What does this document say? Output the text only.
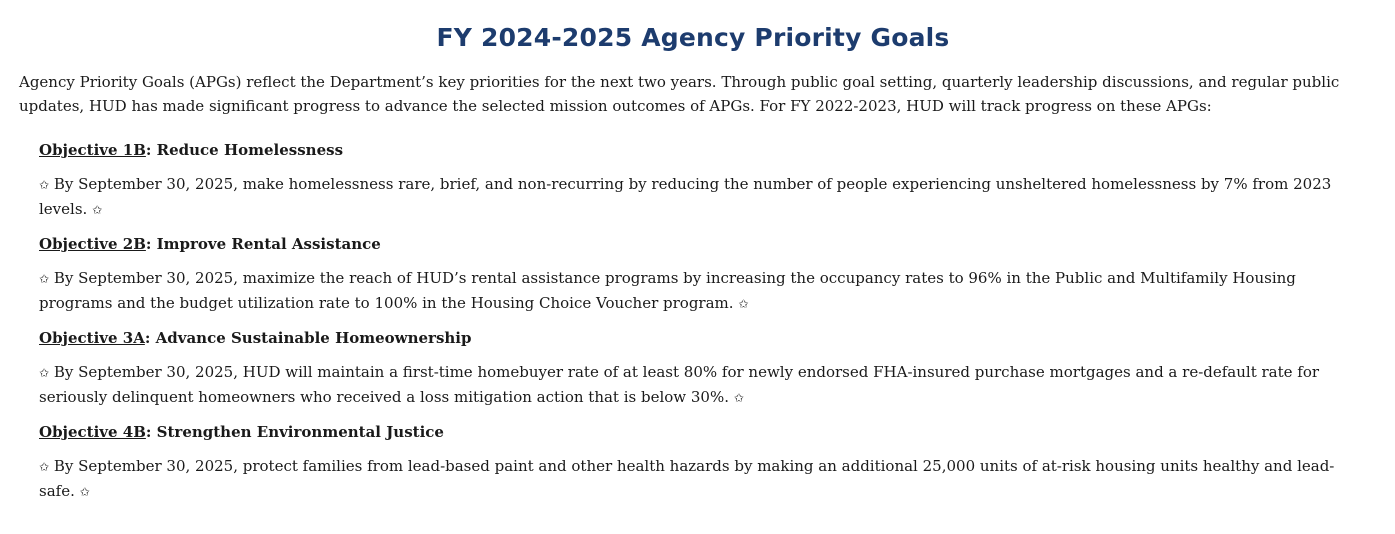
FY 2024-2025 Agency Priority Goals

Agency Priority Goals (APGs) reflect the Department’s key priorities for the next two years. Through public goal setting, quarterly leadership discussions, and regular public updates, HUD has made significant progress to advance the selected mission outcomes of APGs. For FY 2022-2023, HUD will track progress on these APGs:

Objective 1B: Reduce Homelessness

✩ By September 30, 2025, make homelessness rare, brief, and non-recurring by reducing the number of people experiencing unsheltered homelessness by 7% from 2023 levels. ✩

Objective 2B: Improve Rental Assistance

✩ By September 30, 2025, maximize the reach of HUD’s rental assistance programs by increasing the occupancy rates to 96% in the Public and Multifamily Housing programs and the budget utilization rate to 100% in the Housing Choice Voucher program. ✩

Objective 3A: Advance Sustainable Homeownership

✩ By September 30, 2025, HUD will maintain a first-time homebuyer rate of at least 80% for newly endorsed FHA-insured purchase mortgages and a re-default rate for seriously delinquent homeowners who received a loss mitigation action that is below 30%. ✩

Objective 4B: Strengthen Environmental Justice

✩ By September 30, 2025, protect families from lead-based paint and other health hazards by making an additional 25,000 units of at-risk housing units healthy and lead-safe. ✩
